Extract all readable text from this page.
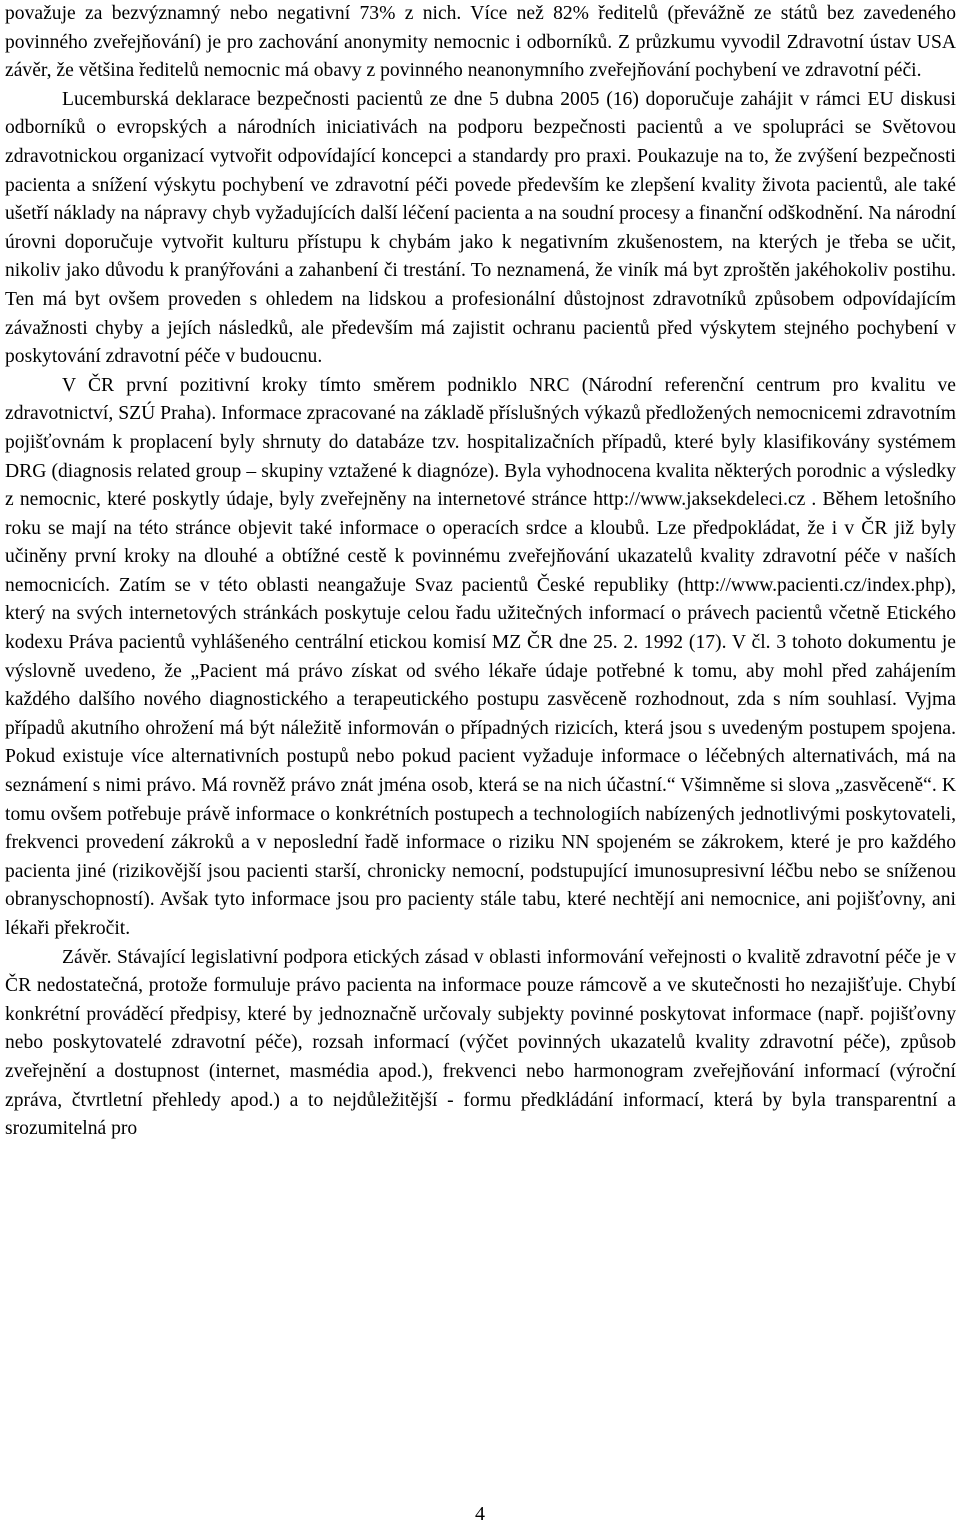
považuje za bezvýznamný nebo negativní 73% z nich. Více než 82% ředitelů (převážně ze států bez zavedeného povinného zveřejňování) je pro zachování anonymity nemocnic i odborníků. Z průzkumu vyvodil Zdravotní ústav USA závěr, že většina ředitelů nemocnic má obavy z povinného neanonymního zveřejňování pochybení ve zdravotní péči.

Lucemburská deklarace bezpečnosti pacientů ze dne 5 dubna 2005 (16) doporučuje zahájit v rámci EU diskusi odborníků o evropských a národních iniciativách na podporu bezpečnosti pacientů a ve spolupráci se Světovou zdravotnickou organizací vytvořit odpovídající koncepci a standardy pro praxi. Poukazuje na to, že zvýšení bezpečnosti pacienta a snížení výskytu pochybení ve zdravotní péči povede především ke zlepšení kvality života pacientů, ale také ušetří náklady na nápravy chyb vyžadujících další léčení pacienta a na soudní procesy a finanční odškodnění. Na národní úrovni doporučuje vytvořit kulturu přístupu k chybám jako k negativním zkušenostem, na kterých je třeba se učit, nikoliv jako důvodu k pranýřováni a zahanbení či trestání. To neznamená, že viník má byt zproštěn jakéhokoliv postihu. Ten má byt ovšem proveden s ohledem na lidskou a profesionální důstojnost zdravotníků způsobem odpovídajícím závažnosti chyby a jejích následků, ale především má zajistit ochranu pacientů před výskytem stejného pochybení v poskytování zdravotní péče v budoucnu.

V ČR první pozitivní kroky tímto směrem podniklo NRC (Národní referenční centrum pro kvalitu ve zdravotnictví, SZÚ Praha). Informace zpracované na základě příslušných výkazů předložených nemocnicemi zdravotním pojišťovnám k proplacení byly shrnuty do databáze tzv. hospitalizačních případů, které byly klasifikovány systémem DRG (diagnosis related group – skupiny vztažené k diagnóze). Byla vyhodnocena kvalita některých porodnic a výsledky z nemocnic, které poskytly údaje, byly zveřejněny na internetové stránce http://www.jaksekdeleci.cz . Během letošního roku se mají na této stránce objevit také informace o operacích srdce a kloubů. Lze předpokládat, že i v ČR již byly učiněny první kroky na dlouhé a obtížné cestě k povinnému zveřejňování ukazatelů kvality zdravotní péče v naších nemocnicích. Zatím se v této oblasti neangažuje Svaz pacientů České republiky (http://www.pacienti.cz/index.php), který na svých internetových stránkách poskytuje celou řadu užitečných informací o právech pacientů včetně Etického kodexu Práva pacientů vyhlášeného centrální etickou komisí MZ ČR dne 25. 2. 1992 (17). V čl. 3 tohoto dokumentu je výslovně uvedeno, že „Pacient má právo získat od svého lékaře údaje potřebné k tomu, aby mohl před zahájením každého dalšího nového diagnostického a terapeutického postupu zasvěceně rozhodnout, zda s ním souhlasí. Vyjma případů akutního ohrožení má být náležitě informován o případných rizicích, která jsou s uvedeným postupem spojena. Pokud existuje více alternativních postupů nebo pokud pacient vyžaduje informace o léčebných alternativách, má na seznámení s nimi právo. Má rovněž právo znát jména osob, která se na nich účastní.“ Všimněme si slova „zasvěceně“. K tomu ovšem potřebuje právě informace o konkrétních postupech a technologiích nabízených jednotlivými poskytovateli, frekvenci provedení zákroků a v neposlední řadě informace o riziku NN spojeném se zákrokem, které je pro každého pacienta jiné (rizikovější jsou pacienti starší, chronicky nemocní, podstupující imunosupresivní léčbu nebo se sníženou obranyschopností). Avšak tyto informace jsou pro pacienty stále tabu, které nechtějí ani nemocnice, ani pojišťovny, ani lékaři překročit.

Závěr. Stávající legislativní podpora etických zásad v oblasti informování veřejnosti o kvalitě zdravotní péče je v ČR nedostatečná, protože formuluje právo pacienta na informace pouze rámcově a ve skutečnosti ho nezajišťuje. Chybí konkrétní prováděcí předpisy, které by jednoznačně určovaly subjekty povinné poskytovat informace (např. pojišťovny nebo poskytovatelé zdravotní péče), rozsah informací (výčet povinných ukazatelů kvality zdravotní péče), způsob zveřejnění a dostupnost (internet, masmédia apod.), frekvenci nebo harmonogram zveřejňování informací (výroční zpráva, čtvrtletní přehledy apod.) a to nejdůležitější - formu předkládání informací, která by byla transparentní a srozumitelná pro

4
